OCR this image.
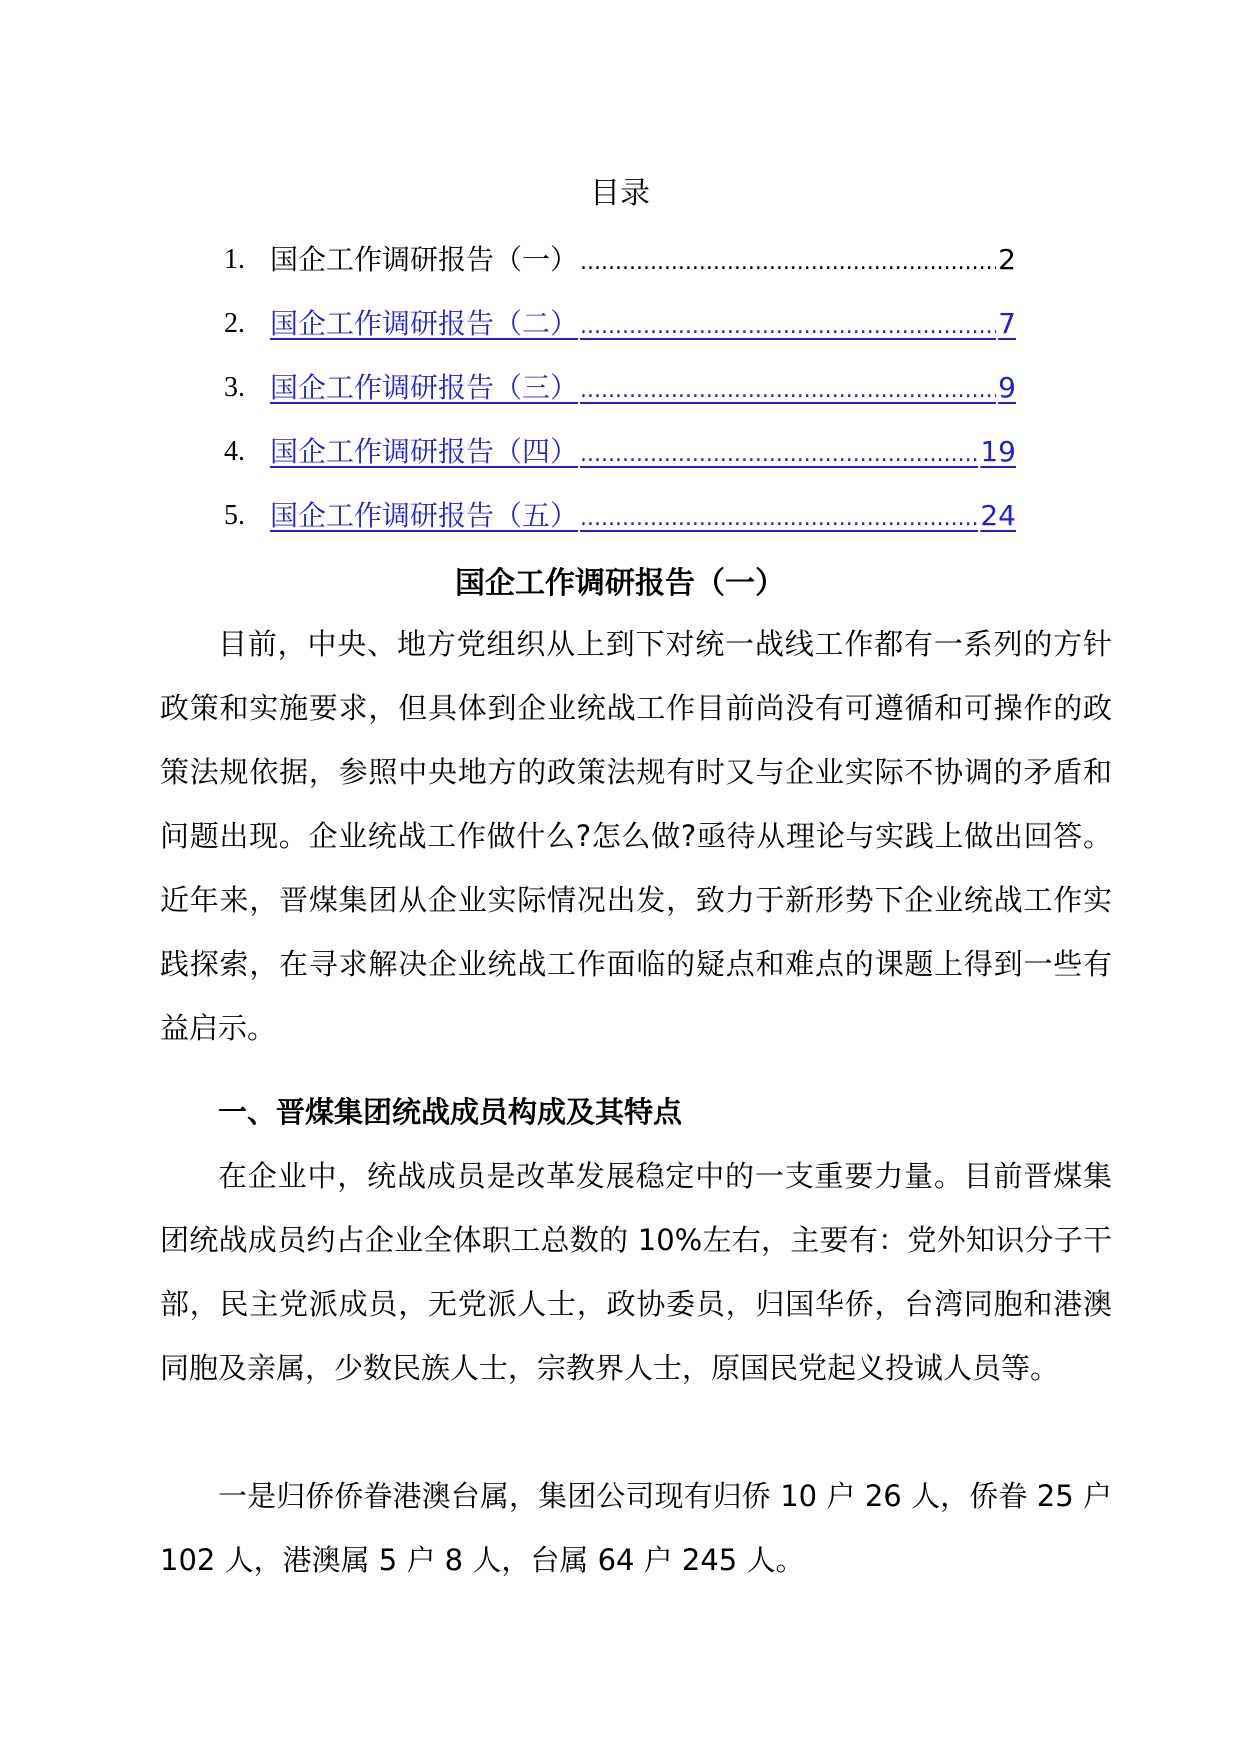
目录
1. 国企工作调研报告（一） .....	2
2. 国企工作调研报告（二） .....	7
3. 国企工作调研报告（三） .....	9
4. 国企工作调研报告（四） .....	19
5. 国企工作调研报告（五） .....	24
国企工作调研报告（一）

目前，中央、地方党组织从上到下对统一战线工作都有一系列的方针政策和实施要求，但具体到企业统战工作目前尚没有可遵循和可操作的政策法规依据，参照中央地方的政策法规有时又与企业实际不协调的矛盾和问题出现。企业统战工作做什么?怎么做?亟待从理论与实践上做出回答。近年来，晋煤集团从企业实际情况出发，致力于新形势下企业统战工作实践探索，在寻求解决企业统战工作面临的疑点和难点的课题上得到一些有益启示。

一、晋煤集团统战成员构成及其特点

在企业中，统战成员是改革发展稳定中的一支重要力量。目前晋煤集团统战成员约占企业全体职工总数的 10%左右，主要有：党外知识分子干部，民主党派成员，无党派人士，政协委员，归国华侨，台湾同胞和港澳同胞及亲属，少数民族人士，宗教界人士，原国民党起义投诚人员等。

一是归侨侨眷港澳台属，集团公司现有归侨 10 户 26 人，侨眷 25 户 102 人，港澳属 5 户 8 人，台属 64 户 245 人。
